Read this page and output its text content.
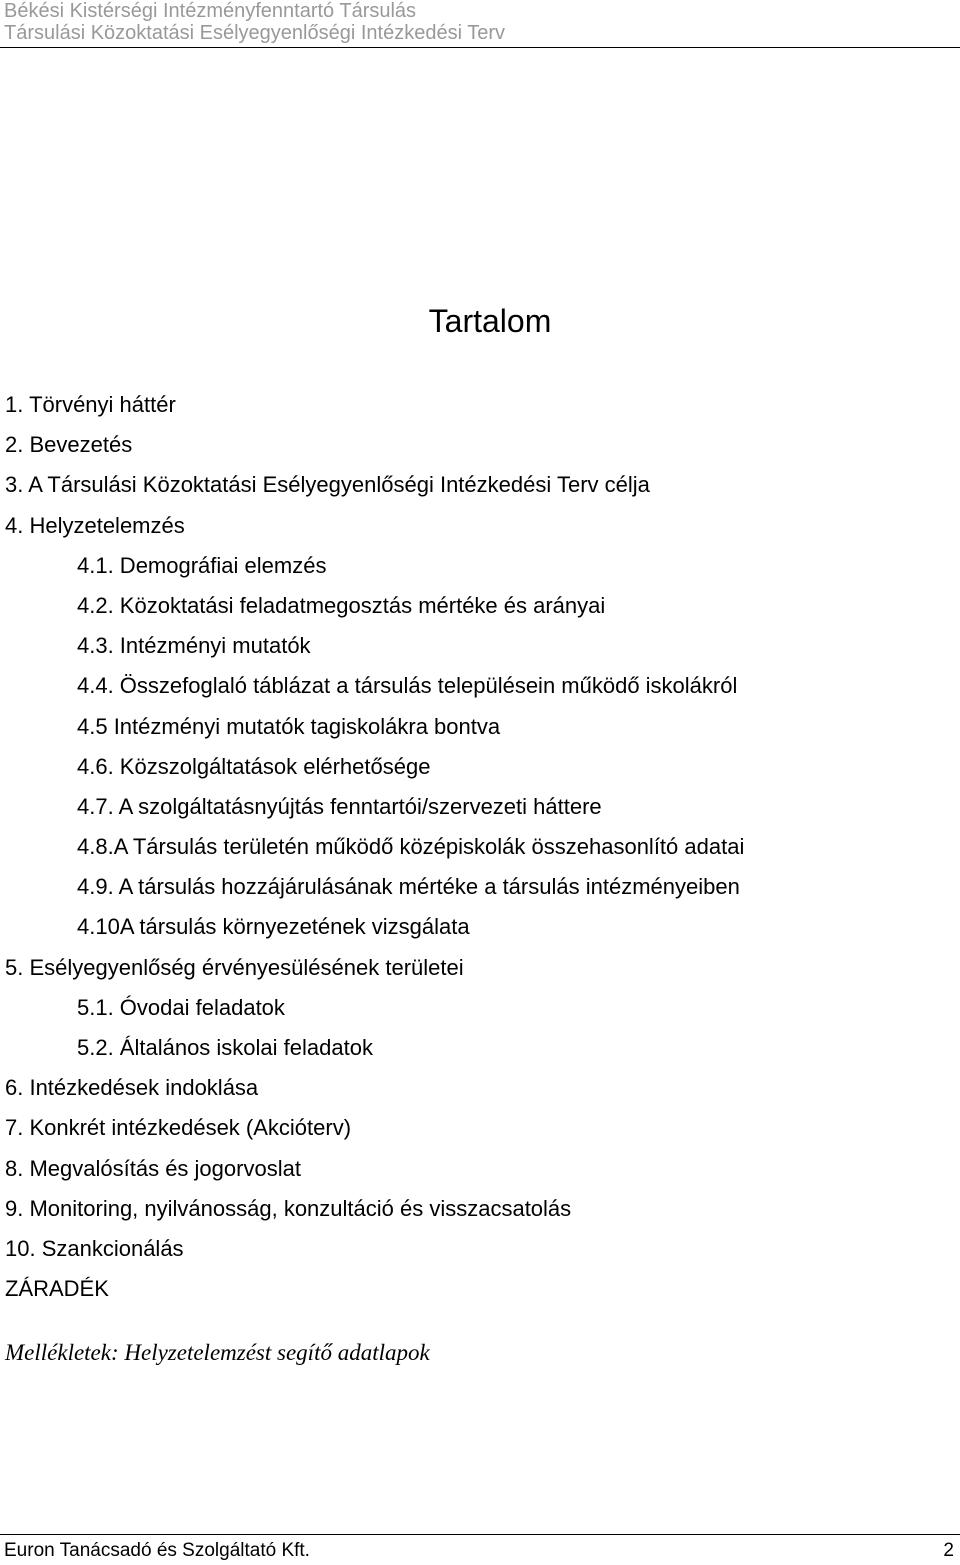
Békési Kistérségi Intézményfenntartó Társulás
Társulási Közoktatási Esélyegyenlőségi Intézkedési Terv
Tartalom
1. Törvényi háttér
2. Bevezetés
3. A Társulási Közoktatási Esélyegyenlőségi Intézkedési Terv célja
4. Helyzetelemzés
4.1. Demográfiai elemzés
4.2. Közoktatási feladatmegosztás mértéke és arányai
4.3. Intézményi mutatók
4.4. Összefoglaló táblázat a társulás településein működő iskolákról
4.5 Intézményi mutatók tagiskolákra bontva
4.6. Közszolgáltatások elérhetősége
4.7. A szolgáltatásnyújtás fenntartói/szervezeti háttere
4.8.A Társulás területén működő középiskolák összehasonlító adatai
4.9. A társulás hozzájárulásának mértéke a társulás intézményeiben
4.10A társulás környezetének vizsgálata
5. Esélyegyenlőség érvényesülésének területei
5.1. Óvodai feladatok
5.2. Általános iskolai feladatok
6. Intézkedések indoklása
7. Konkrét intézkedések (Akcióterv)
8. Megvalósítás és jogorvoslat
9. Monitoring, nyilvánosság, konzultáció és visszacsatolás
10. Szankcionálás
ZÁRADÉK
Mellékletek: Helyzetelemzést segítő adatlapok
Euron Tanácsadó és Szolgáltató Kft.	2
